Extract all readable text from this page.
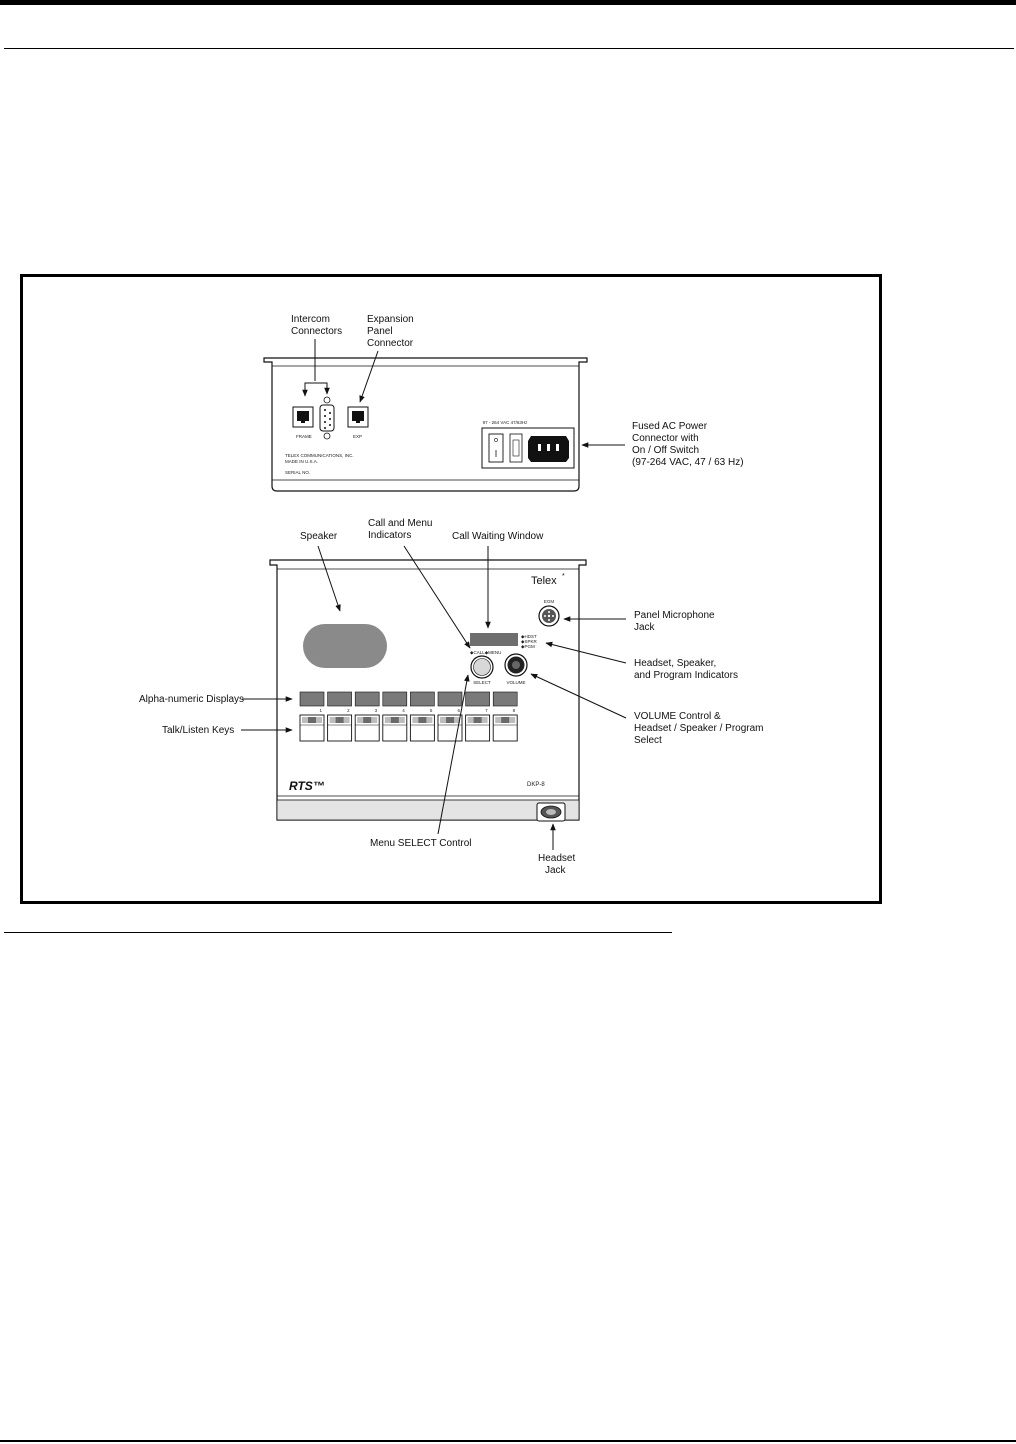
FRAME	EXP
TELEX COMMUNICATIONS, INC.
MADE IN U.S.A.
SERIAL NO.
97 - 264 VAC 47/63Hz
Intercom
Connectors
Expansion
Panel
Connector
Fused AC Power
Connector with
On / Off Switch
(97-264 VAC, 47 / 63 Hz)
Telex *
EGM
◆HDST
◆SPKR
◆PGM
◆CALL◆MENU
SELECT	VOLUME
1	2	3	4	5	6	7	8
RTS™	DKP-8
Speaker
Call and Menu
Indicators	Call Waiting Window
Panel Microphone
Jack
Headset, Speaker,
and Program Indicators
Alpha-numeric Displays
Talk/Listen Keys
VOLUME Control &
Headset / Speaker / Program
Select
Menu SELECT Control
Headset
Jack
